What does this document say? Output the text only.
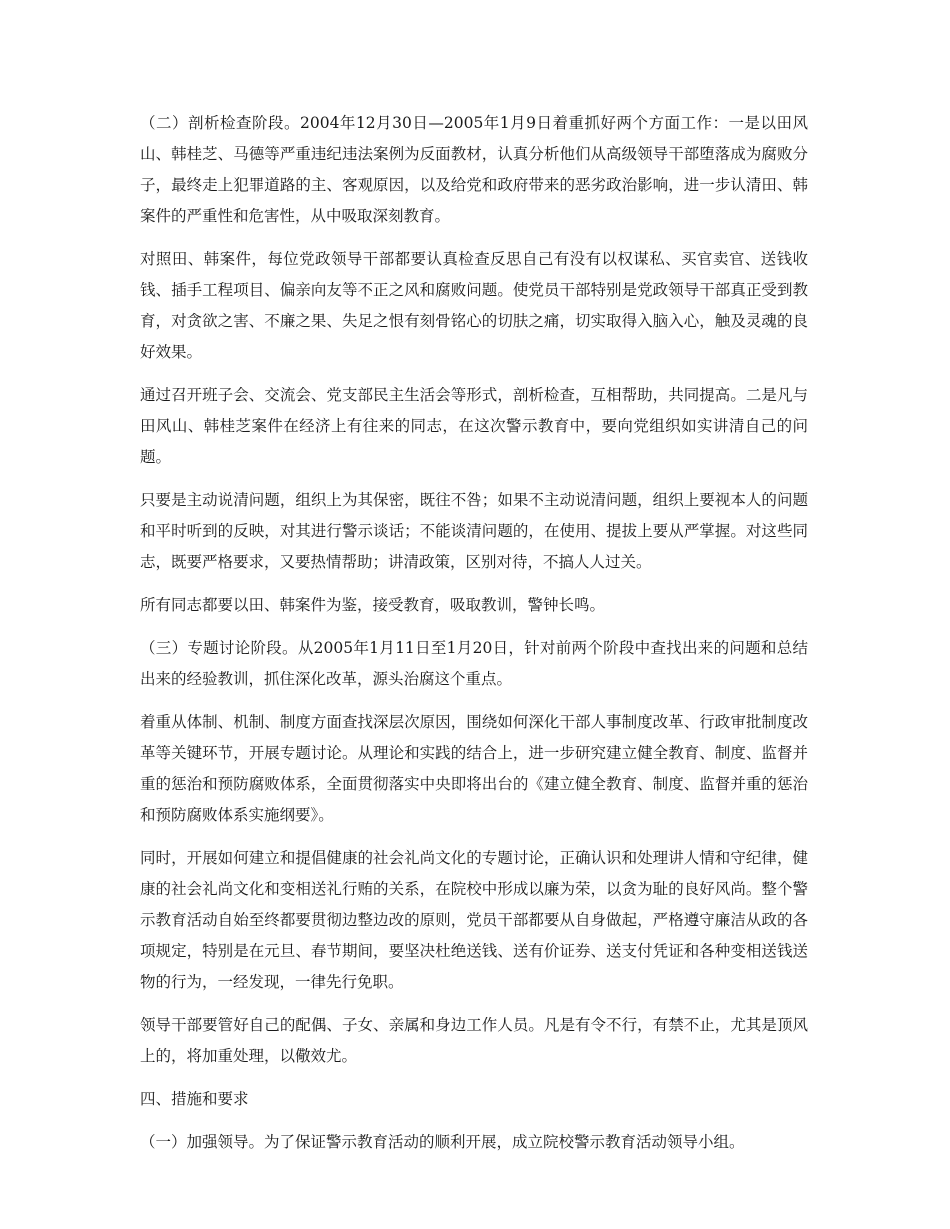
（二）剖析检查阶段。2004年12月30日—2005年1月9日着重抓好两个方面工作：一是以田风山、韩桂芝、马德等严重违纪违法案例为反面教材，认真分析他们从高级领导干部堕落成为腐败分子，最终走上犯罪道路的主、客观原因，以及给党和政府带来的恶劣政治影响，进一步认清田、韩案件的严重性和危害性，从中吸取深刻教育。

对照田、韩案件，每位党政领导干部都要认真检查反思自己有没有以权谋私、买官卖官、送钱收钱、插手工程项目、偏亲向友等不正之风和腐败问题。使党员干部特别是党政领导干部真正受到教育，对贪欲之害、不廉之果、失足之恨有刻骨铭心的切肤之痛，切实取得入脑入心，触及灵魂的良好效果。

通过召开班子会、交流会、党支部民主生活会等形式，剖析检查，互相帮助，共同提高。二是凡与田风山、韩桂芝案件在经济上有往来的同志，在这次警示教育中，要向党组织如实讲清自己的问题。

只要是主动说清问题，组织上为其保密，既往不咎；如果不主动说清问题，组织上要视本人的问题和平时听到的反映，对其进行警示谈话；不能谈清问题的，在使用、提拔上要从严掌握。对这些同志，既要严格要求，又要热情帮助；讲清政策，区别对待，不搞人人过关。

所有同志都要以田、韩案件为鉴，接受教育，吸取教训，警钟长鸣。

（三）专题讨论阶段。从2005年1月11日至1月20日，针对前两个阶段中查找出来的问题和总结出来的经验教训，抓住深化改革，源头治腐这个重点。

着重从体制、机制、制度方面查找深层次原因，围绕如何深化干部人事制度改革、行政审批制度改革等关键环节，开展专题讨论。从理论和实践的结合上，进一步研究建立健全教育、制度、监督并重的惩治和预防腐败体系，全面贯彻落实中央即将出台的《建立健全教育、制度、监督并重的惩治和预防腐败体系实施纲要》。

同时，开展如何建立和提倡健康的社会礼尚文化的专题讨论，正确认识和处理讲人情和守纪律，健康的社会礼尚文化和变相送礼行贿的关系，在院校中形成以廉为荣，以贪为耻的良好风尚。整个警示教育活动自始至终都要贯彻边整边改的原则，党员干部都要从自身做起，严格遵守廉洁从政的各项规定，特别是在元旦、春节期间，要坚决杜绝送钱、送有价证券、送支付凭证和各种变相送钱送物的行为，一经发现，一律先行免职。

领导干部要管好自己的配偶、子女、亲属和身边工作人员。凡是有令不行，有禁不止，尤其是顶风上的，将加重处理，以儆效尤。

四、措施和要求

（一）加强领导。为了保证警示教育活动的顺利开展，成立院校警示教育活动领导小组。
